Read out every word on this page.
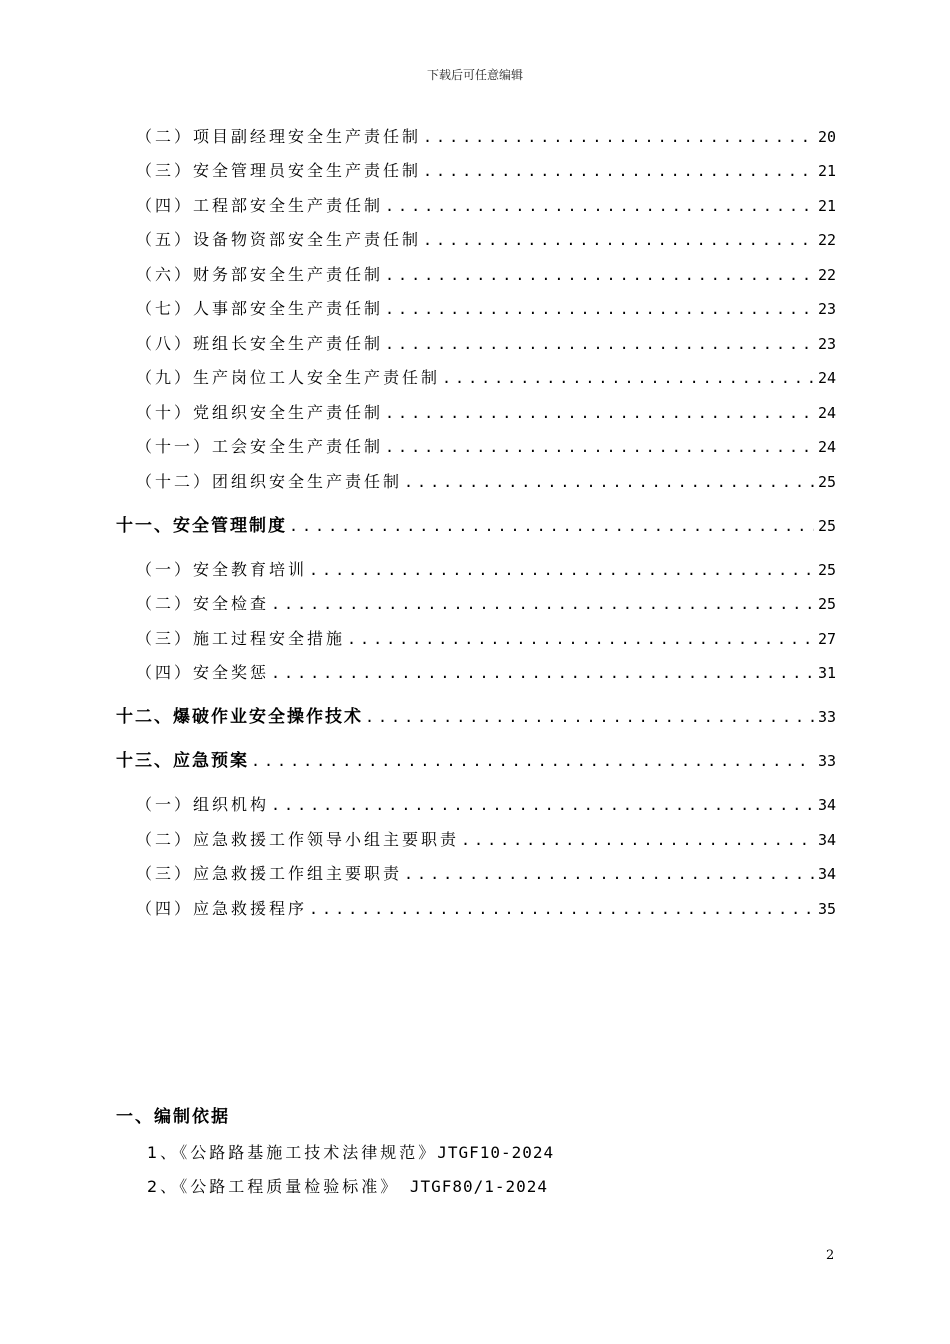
下载后可任意编辑
（二）项目副经理安全生产责任制 .....	20
（三）安全管理员安全生产责任制 .....	21
（四）工程部安全生产责任制 .....	21
（五）设备物资部安全生产责任制 .....	22
（六）财务部安全生产责任制 .....	22
（七）人事部安全生产责任制 .....	23
（八）班组长安全生产责任制 .....	23
（九）生产岗位工人安全生产责任制 .....	24
（十）党组织安全生产责任制 .....	24
（十一）工会安全生产责任制 .....	24
（十二）团组织安全生产责任制 .....	25
十一、安全管理制度 .....	25
（一）安全教育培训 .....	25
（二）安全检查 .....	25
（三）施工过程安全措施 .....	27
（四）安全奖惩 .....	31
十二、爆破作业安全操作技术 .....	33
十三、应急预案 .....	33
（一）组织机构 .....	34
（二）应急救援工作领导小组主要职责 .....	34
（三）应急救援工作组主要职责 .....	34
（四）应急救援程序 .....	35
一、编制依据
1、《公路路基施工技术法律规范》JTGF10-2024
2、《公路工程质量检验标准》 JTGF80/1-2024
2
